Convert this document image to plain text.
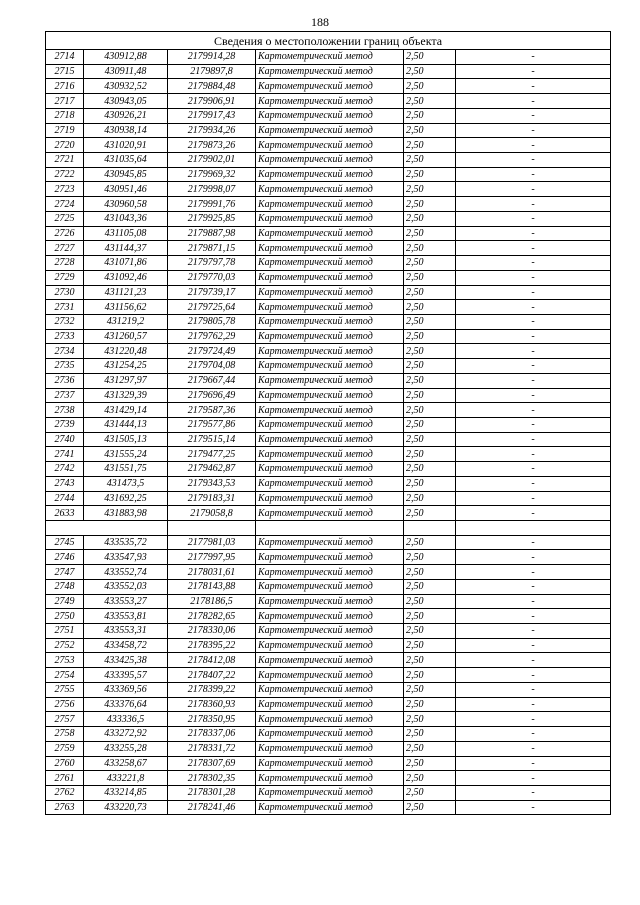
188
Сведения о местоположении границ объекта					
2714	430912,88	2179914,28	Картометрический метод	2,50	-
2715	430911,48	2179897,8	Картометрический метод	2,50	-
2716	430932,52	2179884,48	Картометрический метод	2,50	-
2717	430943,05	2179906,91	Картометрический метод	2,50	-
2718	430926,21	2179917,43	Картометрический метод	2,50	-
2719	430938,14	2179934,26	Картометрический метод	2,50	-
2720	431020,91	2179873,26	Картометрический метод	2,50	-
2721	431035,64	2179902,01	Картометрический метод	2,50	-
2722	430945,85	2179969,32	Картометрический метод	2,50	-
2723	430951,46	2179998,07	Картометрический метод	2,50	-
2724	430960,58	2179991,76	Картометрический метод	2,50	-
2725	431043,36	2179925,85	Картометрический метод	2,50	-
2726	431105,08	2179887,98	Картометрический метод	2,50	-
2727	431144,37	2179871,15	Картометрический метод	2,50	-
2728	431071,86	2179797,78	Картометрический метод	2,50	-
2729	431092,46	2179770,03	Картометрический метод	2,50	-
2730	431121,23	2179739,17	Картометрический метод	2,50	-
2731	431156,62	2179725,64	Картометрический метод	2,50	-
2732	431219,2	2179805,78	Картометрический метод	2,50	-
2733	431260,57	2179762,29	Картометрический метод	2,50	-
2734	431220,48	2179724,49	Картометрический метод	2,50	-
2735	431254,25	2179704,08	Картометрический метод	2,50	-
2736	431297,97	2179667,44	Картометрический метод	2,50	-
2737	431329,39	2179696,49	Картометрический метод	2,50	-
2738	431429,14	2179587,36	Картометрический метод	2,50	-
2739	431444,13	2179577,86	Картометрический метод	2,50	-
2740	431505,13	2179515,14	Картометрический метод	2,50	-
2741	431555,24	2179477,25	Картометрический метод	2,50	-
2742	431551,75	2179462,87	Картометрический метод	2,50	-
2743	431473,5	2179343,53	Картометрический метод	2,50	-
2744	431692,25	2179183,31	Картометрический метод	2,50	-
2633	431883,98	2179058,8	Картометрический метод	2,50	-

2745	433535,72	2177981,03	Картометрический метод	2,50	-
2746	433547,93	2177997,95	Картометрический метод	2,50	-
2747	433552,74	2178031,61	Картометрический метод	2,50	-
2748	433552,03	2178143,88	Картометрический метод	2,50	-
2749	433553,27	2178186,5	Картометрический метод	2,50	-
2750	433553,81	2178282,65	Картометрический метод	2,50	-
2751	433553,31	2178330,06	Картометрический метод	2,50	-
2752	433458,72	2178395,22	Картометрический метод	2,50	-
2753	433425,38	2178412,08	Картометрический метод	2,50	-
2754	433395,57	2178407,22	Картометрический метод	2,50	-
2755	433369,56	2178399,22	Картометрический метод	2,50	-
2756	433376,64	2178360,93	Картометрический метод	2,50	-
2757	433336,5	2178350,95	Картометрический метод	2,50	-
2758	433272,92	2178337,06	Картометрический метод	2,50	-
2759	433255,28	2178331,72	Картометрический метод	2,50	-
2760	433258,67	2178307,69	Картометрический метод	2,50	-
2761	433221,8	2178302,35	Картометрический метод	2,50	-
2762	433214,85	2178301,28	Картометрический метод	2,50	-
2763	433220,73	2178241,46	Картометрический метод	2,50	-
